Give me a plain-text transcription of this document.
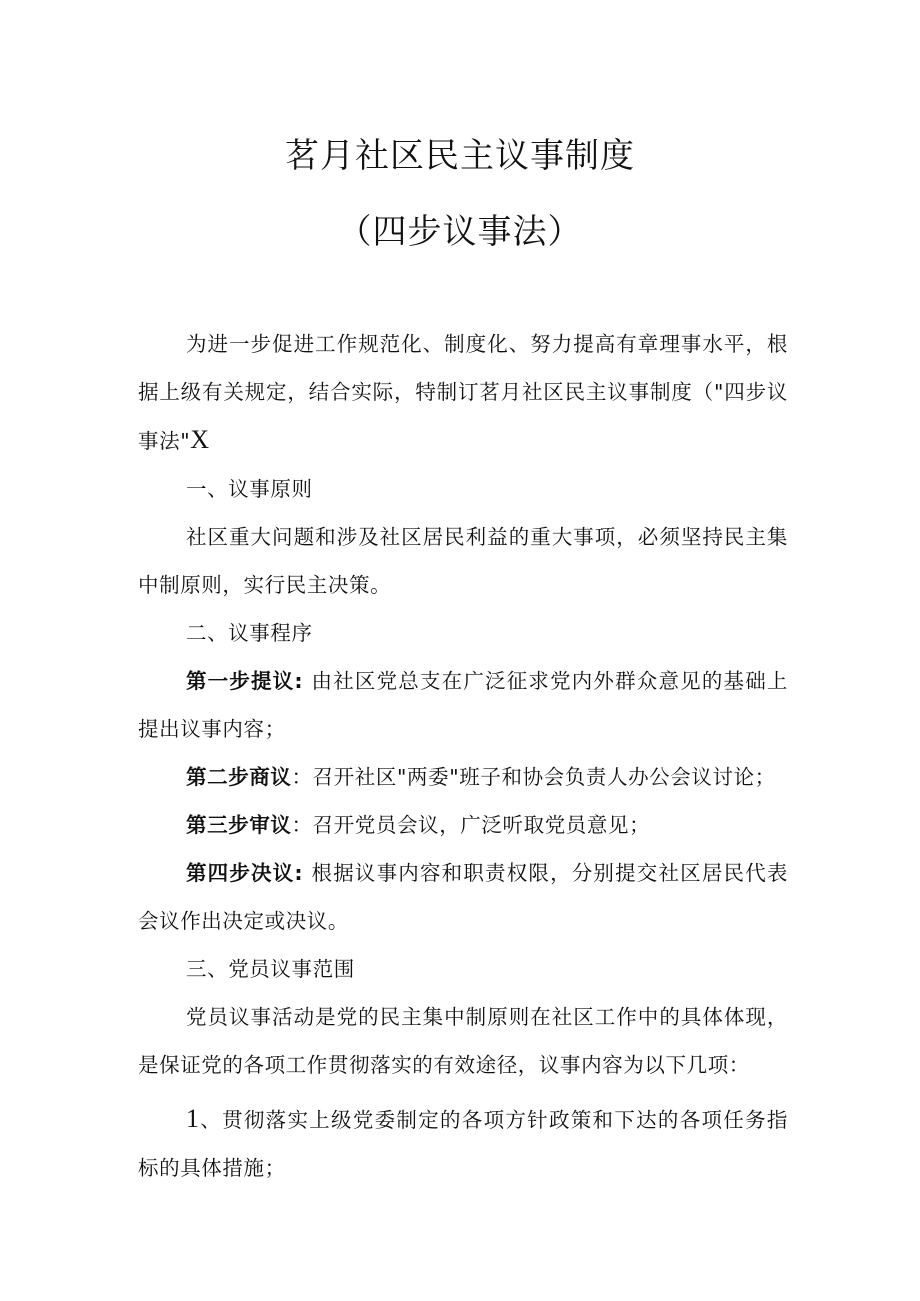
茗月社区民主议事制度
（四步议事法）

为进一步促进工作规范化、制度化、努力提高有章理事水平，根据上级有关规定，结合实际，特制订茗月社区民主议事制度（"四步议事法"X

一、议事原则

社区重大问题和涉及社区居民利益的重大事项，必须坚持民主集中制原则，实行民主决策。

二、议事程序

第一步提议: 由社区党总支在广泛征求党内外群众意见的基础上提出议事内容；

第二步商议：召开社区"两委"班子和协会负责人办公会议讨论；

第三步审议：召开党员会议，广泛听取党员意见；

第四步决议: 根据议事内容和职责权限，分别提交社区居民代表会议作出决定或决议。

三、党员议事范围

党员议事活动是党的民主集中制原则在社区工作中的具体体现，是保证党的各项工作贯彻落实的有效途径，议事内容为以下几项：

1、贯彻落实上级党委制定的各项方针政策和下达的各项任务指标的具体措施；
